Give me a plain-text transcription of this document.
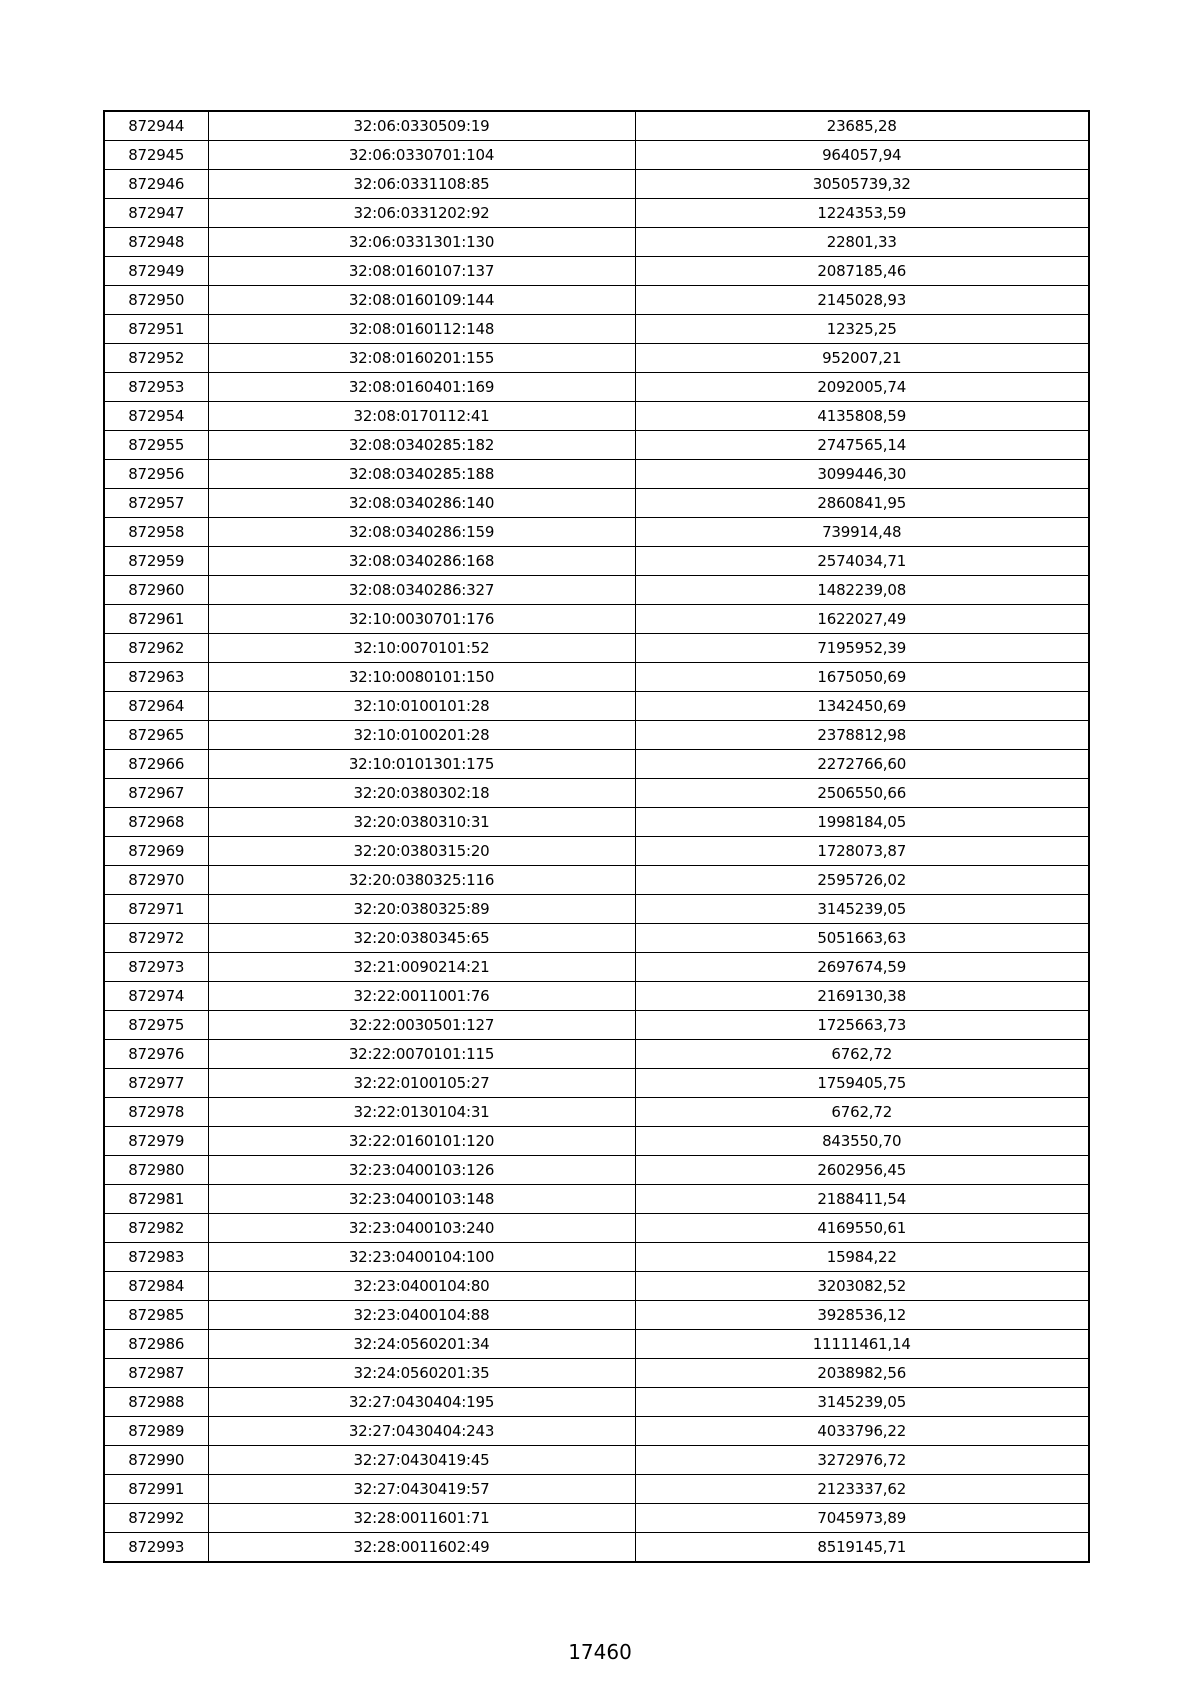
872944	32:06:0330509:19	23685,28
872945	32:06:0330701:104	964057,94
872946	32:06:0331108:85	30505739,32
872947	32:06:0331202:92	1224353,59
872948	32:06:0331301:130	22801,33
872949	32:08:0160107:137	2087185,46
872950	32:08:0160109:144	2145028,93
872951	32:08:0160112:148	12325,25
872952	32:08:0160201:155	952007,21
872953	32:08:0160401:169	2092005,74
872954	32:08:0170112:41	4135808,59
872955	32:08:0340285:182	2747565,14
872956	32:08:0340285:188	3099446,30
872957	32:08:0340286:140	2860841,95
872958	32:08:0340286:159	739914,48
872959	32:08:0340286:168	2574034,71
872960	32:08:0340286:327	1482239,08
872961	32:10:0030701:176	1622027,49
872962	32:10:0070101:52	7195952,39
872963	32:10:0080101:150	1675050,69
872964	32:10:0100101:28	1342450,69
872965	32:10:0100201:28	2378812,98
872966	32:10:0101301:175	2272766,60
872967	32:20:0380302:18	2506550,66
872968	32:20:0380310:31	1998184,05
872969	32:20:0380315:20	1728073,87
872970	32:20:0380325:116	2595726,02
872971	32:20:0380325:89	3145239,05
872972	32:20:0380345:65	5051663,63
872973	32:21:0090214:21	2697674,59
872974	32:22:0011001:76	2169130,38
872975	32:22:0030501:127	1725663,73
872976	32:22:0070101:115	6762,72
872977	32:22:0100105:27	1759405,75
872978	32:22:0130104:31	6762,72
872979	32:22:0160101:120	843550,70
872980	32:23:0400103:126	2602956,45
872981	32:23:0400103:148	2188411,54
872982	32:23:0400103:240	4169550,61
872983	32:23:0400104:100	15984,22
872984	32:23:0400104:80	3203082,52
872985	32:23:0400104:88	3928536,12
872986	32:24:0560201:34	11111461,14
872987	32:24:0560201:35	2038982,56
872988	32:27:0430404:195	3145239,05
872989	32:27:0430404:243	4033796,22
872990	32:27:0430419:45	3272976,72
872991	32:27:0430419:57	2123337,62
872992	32:28:0011601:71	7045973,89
872993	32:28:0011602:49	8519145,71
17460
